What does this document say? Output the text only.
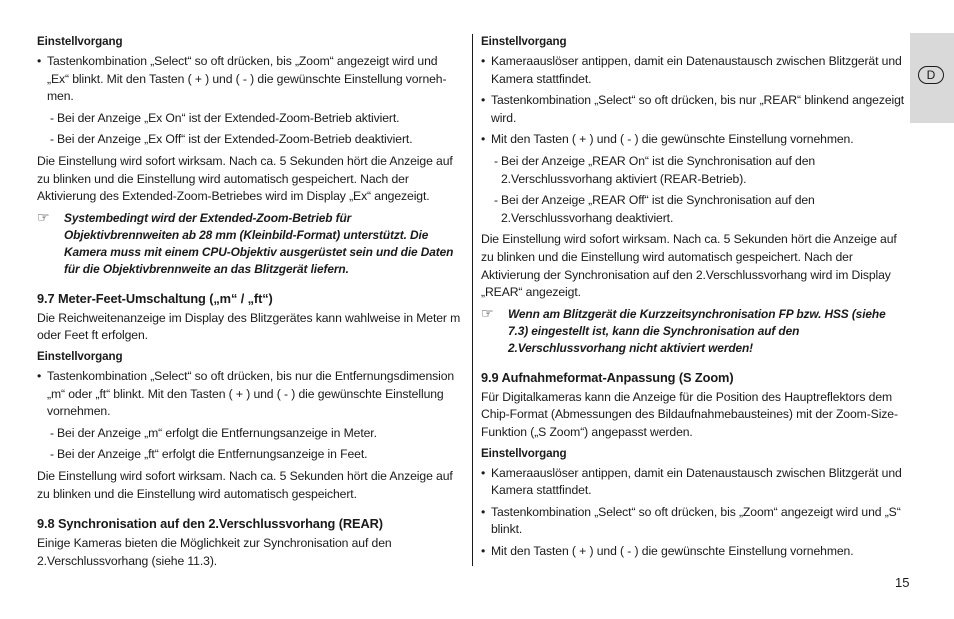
Einstellvorgang
• Tastenkombination „Select“ so oft drücken, bis „Zoom“ angezeigt wird und „Ex“ blinkt. Mit den Tasten ( + ) und ( - ) die gewünschte Einstellung vorneh-men.
- Bei der Anzeige „Ex On“ ist der Extended-Zoom-Betrieb aktiviert.
- Bei der Anzeige „Ex Off“ ist der Extended-Zoom-Betrieb deaktiviert.

Die Einstellung wird sofort wirksam. Nach ca. 5 Sekunden hört die Anzeige auf zu blinken und die Einstellung wird automatisch gespeichert. Nach der Aktivierung des Extended-Zoom-Betriebes wird im Display „Ex“ angezeigt.

☞ Systembedingt wird der Extended-Zoom-Betrieb für Objektivbrennweiten ab 28 mm (Kleinbild-Format) unterstützt. Die Kamera muss mit einem CPU-Objektiv ausgerüstet sein und die Daten für die Objektivbrennweite an das Blitzgerät liefern.
9.7 Meter-Feet-Umschaltung („m“ / „ft“)

Die Reichweitenanzeige im Display des Blitzgerätes kann wahlweise in Meter m oder Feet ft erfolgen.

Einstellvorgang
• Tastenkombination „Select“ so oft drücken, bis nur die Entfernungsdimension „m“ oder „ft“ blinkt. Mit den Tasten ( + ) und ( - ) die gewünschte Einstellung vornehmen.
- Bei der Anzeige „m“ erfolgt die Entfernungsanzeige in Meter.
- Bei der Anzeige „ft“ erfolgt die Entfernungsanzeige in Feet.

Die Einstellung wird sofort wirksam. Nach ca. 5 Sekunden hört die Anzeige auf zu blinken und die Einstellung wird automatisch gespeichert.

9.8 Synchronisation auf den 2.Verschlussvorhang (REAR)

Einige Kameras bieten die Möglichkeit zur Synchronisation auf den 2.Verschlussvorhang (siehe 11.3).

Einstellvorgang
• Kameraauslöser antippen, damit ein Datenaustausch zwischen Blitzgerät und Kamera stattfindet.
• Tastenkombination „Select“ so oft drücken, bis nur „REAR“ blinkend angezeigt wird.
• Mit den Tasten ( + ) und ( - ) die gewünschte Einstellung vornehmen.
- Bei der Anzeige „REAR On“ ist die Synchronisation auf den 2.Verschlussvorhang aktiviert (REAR-Betrieb).
- Bei der Anzeige „REAR Off“ ist die Synchronisation auf den 2.Verschlussvorhang deaktiviert.

Die Einstellung wird sofort wirksam. Nach ca. 5 Sekunden hört die Anzeige auf zu blinken und die Einstellung wird automatisch gespeichert. Nach der Aktivierung der Synchronisation auf den 2.Verschlussvorhang wird im Display „REAR“ angezeigt.

☞ Wenn am Blitzgerät die Kurzzeitsynchronisation FP bzw. HSS (siehe 7.3) eingestellt ist, kann die Synchronisation auf den 2.Verschlussvorhang nicht aktiviert werden!
9.9 Aufnahmeformat-Anpassung (S Zoom)

Für Digitalkameras kann die Anzeige für die Position des Hauptreflektors dem Chip-Format (Abmessungen des Bildaufnahmebausteines) mit der Zoom-Size-Funktion („S Zoom“) angepasst werden.

Einstellvorgang
• Kameraauslöser antippen, damit ein Datenaustausch zwischen Blitzgerät und Kamera stattfindet.
• Tastenkombination „Select“ so oft drücken, bis „Zoom“ angezeigt wird und „S“ blinkt.
• Mit den Tasten ( + ) und ( - ) die gewünschte Einstellung vornehmen.
D
15
